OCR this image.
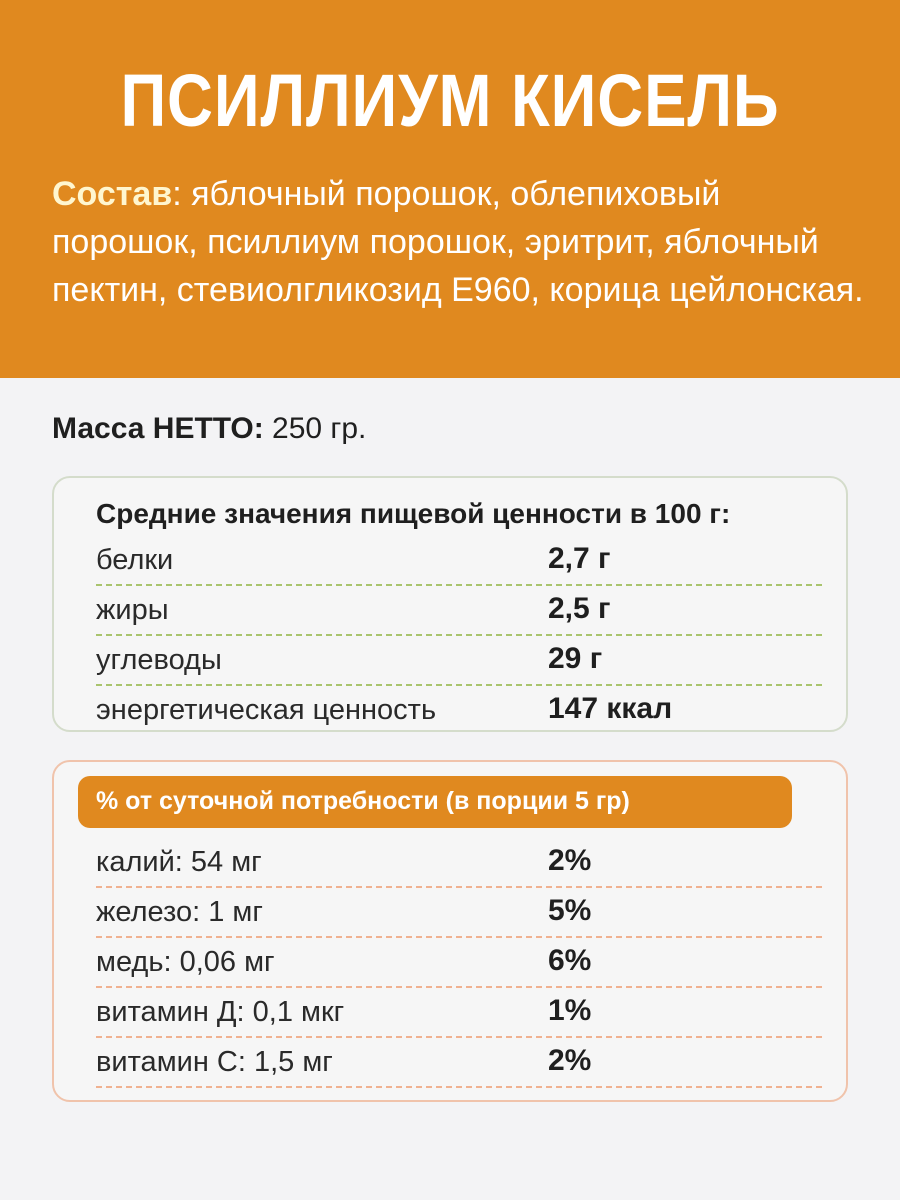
ПСИЛЛИУМ КИСЕЛЬ
Состав: яблочный порошок, облепиховый порошок, псиллиум порошок, эритрит, яблочный пектин, стевиолгликозид Е960, корица цейлонская.
Масса НЕТТО: 250 гр.
Средние значения пищевой ценности в 100 г:
белки	2,7 г
жиры	2,5 г
углеводы	29 г
энергетическая ценность	147 ккал
% от суточной потребности (в порции 5 гр)
калий: 54 мг	2%
железо: 1 мг	5%
медь: 0,06 мг	6%
витамин Д: 0,1 мкг	1%
витамин С: 1,5 мг	2%
